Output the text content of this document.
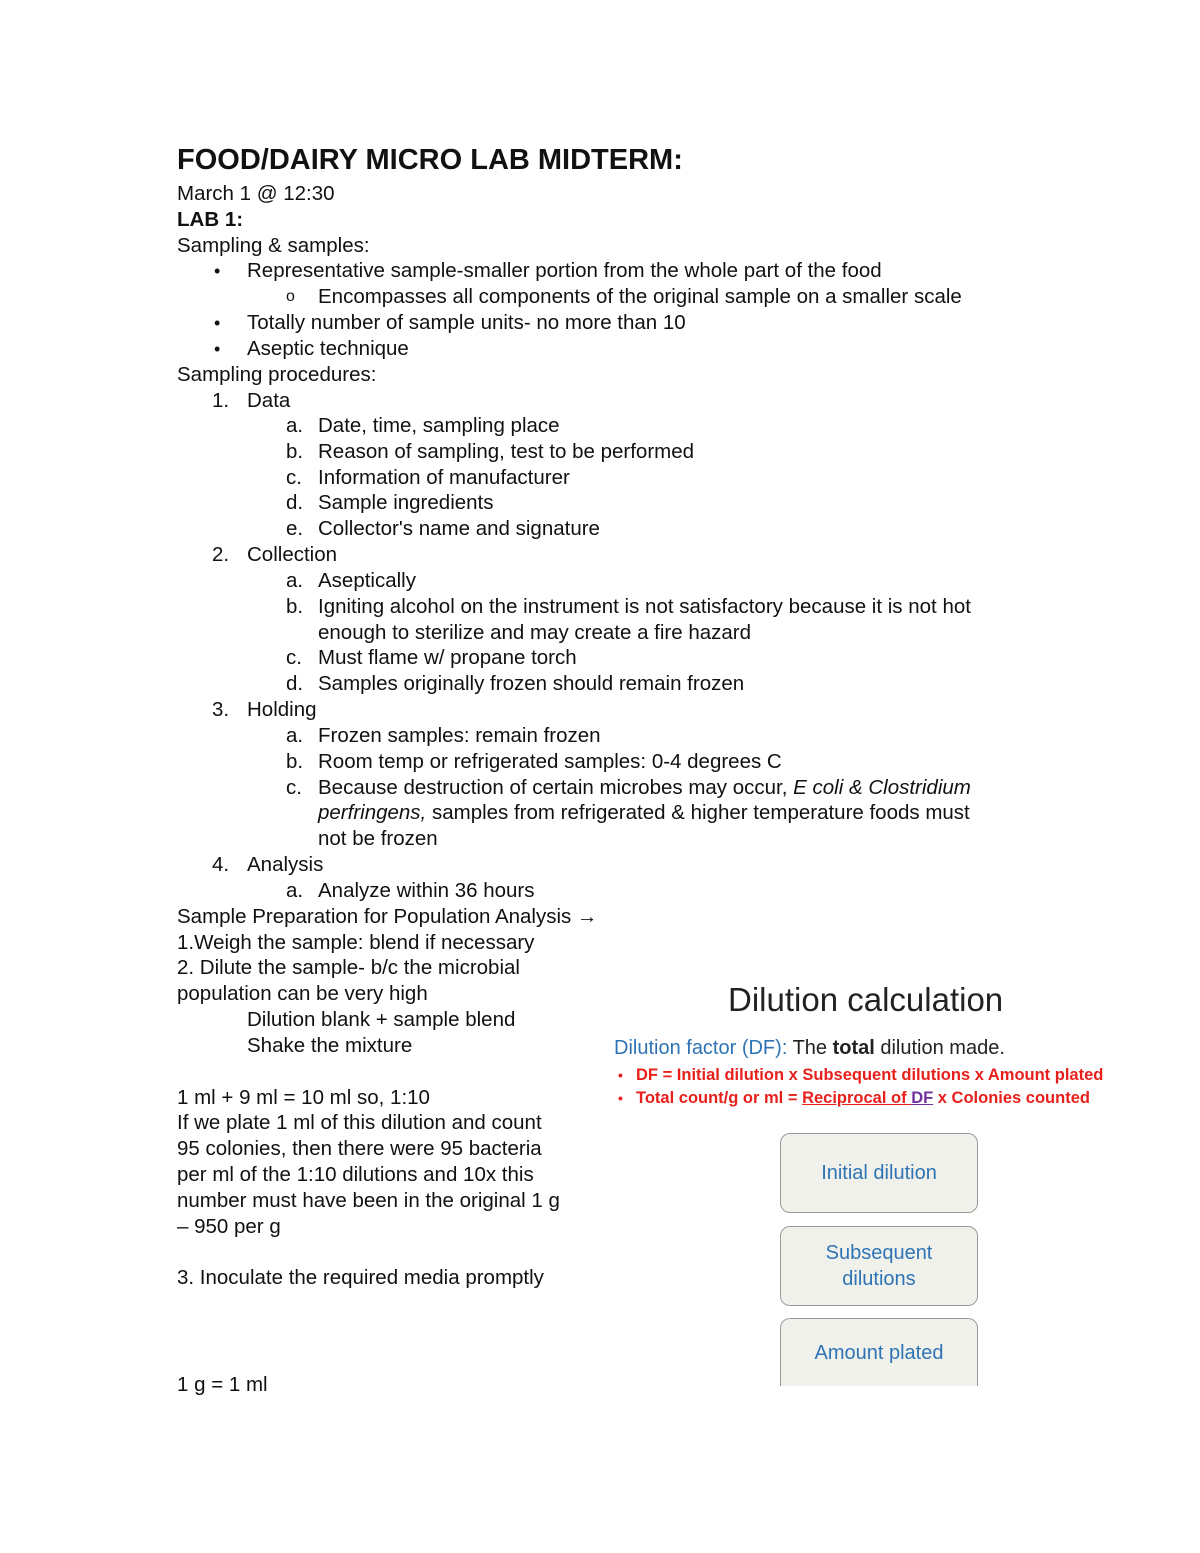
FOOD/DAIRY MICRO LAB MIDTERM:
March 1 @ 12:30
LAB 1:
Sampling & samples:
• Representative sample-smaller portion from the whole part of the food
o Encompasses all components of the original sample on a smaller scale
• Totally number of sample units- no more than 10
• Aseptic technique
Sampling procedures:
1. Data
a. Date, time, sampling place
b. Reason of sampling, test to be performed
c. Information of manufacturer
d. Sample ingredients
e. Collector's name and signature
2. Collection
a. Aseptically
b. Igniting alcohol on the instrument is not satisfactory because it is not hot
enough to sterilize and may create a fire hazard
c. Must flame w/ propane torch
d. Samples originally frozen should remain frozen
3. Holding
a. Frozen samples: remain frozen
b. Room temp or refrigerated samples: 0-4 degrees C
c. Because destruction of certain microbes may occur, E coli & Clostridium
perfringens, samples from refrigerated & higher temperature foods must
not be frozen
4. Analysis
a. Analyze within 36 hours
Sample Preparation for Population Analysis →
1.Weigh the sample: blend if necessary
2. Dilute the sample- b/c the microbial
population can be very high
Dilution blank + sample blend
Shake the mixture
1 ml + 9 ml = 10 ml so, 1:10
If we plate 1 ml of this dilution and count
95 colonies, then there were 95 bacteria
per ml of the 1:10 dilutions and 10x this
number must have been in the original 1 g
– 950 per g
3. Inoculate the required media promptly
1 g = 1 ml
Dilution calculation
Dilution factor (DF): The total dilution made.
• DF = Initial dilution x Subsequent dilutions x Amount plated
• Total count/g or ml = Reciprocal of DF x Colonies counted
Initial dilution
Subsequent
dilutions
Amount plated
